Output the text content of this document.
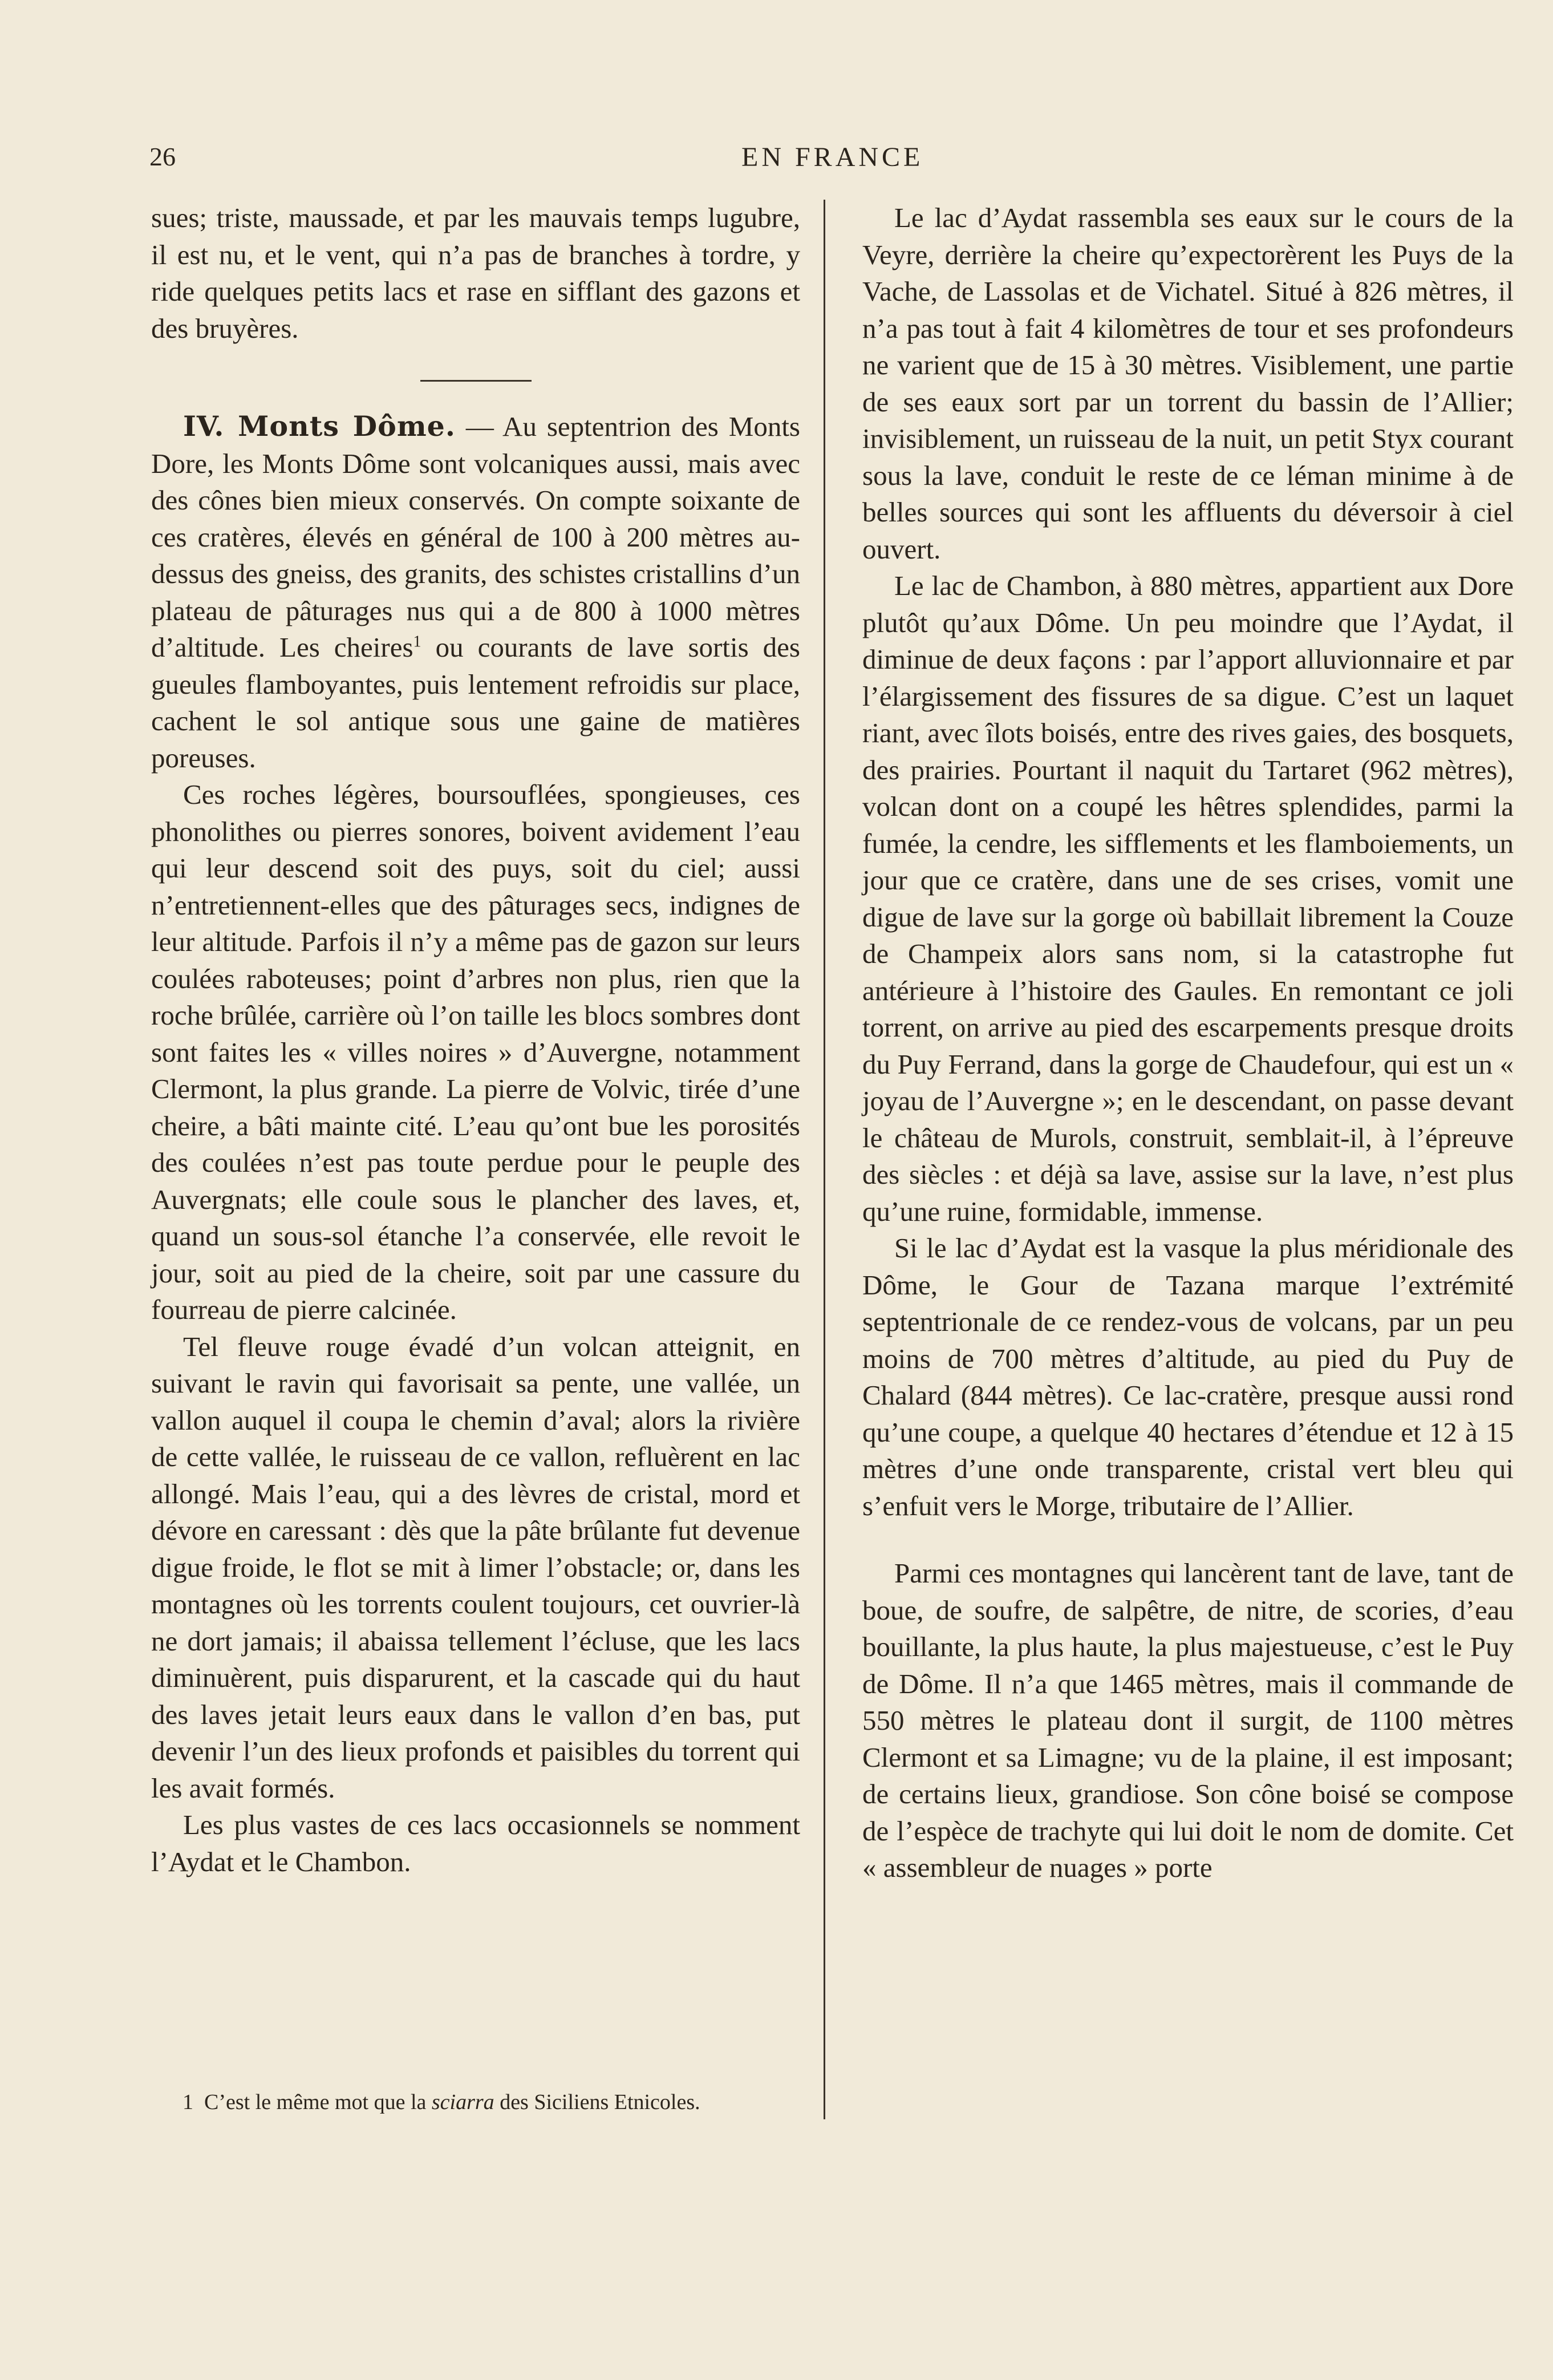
26	EN FRANCE

sues; triste, maussade, et par les mauvais temps lugubre, il est nu, et le vent, qui n’a pas de branches à tordre, y ride quelques petits lacs et rase en sifflant des gazons et des bruyères.

IV. Monts Dôme. — Au septentrion des Monts Dore, les Monts Dôme sont volcaniques aussi, mais avec des cônes bien mieux conservés. On compte soixante de ces cratères, élevés en général de 100 à 200 mètres au-dessus des gneiss, des granits, des schistes cristallins d’un plateau de pâturages nus qui a de 800 à 1000 mètres d’altitude. Les cheires$^1$ ou courants de lave sortis des gueules flamboyantes, puis lentement refroidis sur place, cachent le sol antique sous une gaine de matières poreuses.

Ces roches légères, boursouflées, spongieuses, ces phonolithes ou pierres sonores, boivent avidement l’eau qui leur descend soit des puys, soit du ciel; aussi n’entretiennent-elles que des pâturages secs, indignes de leur altitude. Parfois il n’y a même pas de gazon sur leurs coulées raboteuses; point d’arbres non plus, rien que la roche brûlée, carrière où l’on taille les blocs sombres dont sont faites les « villes noires » d’Auvergne, notamment Clermont, la plus grande. La pierre de Volvic, tirée d’une cheire, a bâti mainte cité. L’eau qu’ont bue les porosités des coulées n’est pas toute perdue pour le peuple des Auvergnats; elle coule sous le plancher des laves, et, quand un sous-sol étanche l’a conservée, elle revoit le jour, soit au pied de la cheire, soit par une cassure du fourreau de pierre calcinée.

Tel fleuve rouge évadé d’un volcan atteignit, en suivant le ravin qui favorisait sa pente, une vallée, un vallon auquel il coupa le chemin d’aval; alors la rivière de cette vallée, le ruisseau de ce vallon, refluèrent en lac allongé. Mais l’eau, qui a des lèvres de cristal, mord et dévore en caressant : dès que la pâte brûlante fut devenue digue froide, le flot se mit à limer l’obstacle; or, dans les montagnes où les torrents coulent toujours, cet ouvrier-là ne dort jamais; il abaissa tellement l’écluse, que les lacs diminuèrent, puis disparurent, et la cascade qui du haut des laves jetait leurs eaux dans le vallon d’en bas, put devenir l’un des lieux profonds et paisibles du torrent qui les avait formés.

Les plus vastes de ces lacs occasionnels se nomment l’Aydat et le Chambon.

1 C’est le même mot que la sciarra des Siciliens Etnicoles.

Le lac d’Aydat rassembla ses eaux sur le cours de la Veyre, derrière la cheire qu’expectorèrent les Puys de la Vache, de Lassolas et de Vichatel. Situé à 826 mètres, il n’a pas tout à fait 4 kilomètres de tour et ses profondeurs ne varient que de 15 à 30 mètres. Visiblement, une partie de ses eaux sort par un torrent du bassin de l’Allier; invisiblement, un ruisseau de la nuit, un petit Styx courant sous la lave, conduit le reste de ce léman minime à de belles sources qui sont les affluents du déversoir à ciel ouvert.

Le lac de Chambon, à 880 mètres, appartient aux Dore plutôt qu’aux Dôme. Un peu moindre que l’Aydat, il diminue de deux façons : par l’apport alluvionnaire et par l’élargissement des fissures de sa digue. C’est un laquet riant, avec îlots boisés, entre des rives gaies, des bosquets, des prairies. Pourtant il naquit du Tartaret (962 mètres), volcan dont on a coupé les hêtres splendides, parmi la fumée, la cendre, les sifflements et les flamboiements, un jour que ce cratère, dans une de ses crises, vomit une digue de lave sur la gorge où babillait librement la Couze de Champeix alors sans nom, si la catastrophe fut antérieure à l’histoire des Gaules. En remontant ce joli torrent, on arrive au pied des escarpements presque droits du Puy Ferrand, dans la gorge de Chaudefour, qui est un « joyau de l’Auvergne »; en le descendant, on passe devant le château de Murols, construit, semblait-il, à l’épreuve des siècles : et déjà sa lave, assise sur la lave, n’est plus qu’une ruine, formidable, immense.

Si le lac d’Aydat est la vasque la plus méridionale des Dôme, le Gour de Tazana marque l’extrémité septentrionale de ce rendez-vous de volcans, par un peu moins de 700 mètres d’altitude, au pied du Puy de Chalard (844 mètres). Ce lac-cratère, presque aussi rond qu’une coupe, a quelque 40 hectares d’étendue et 12 à 15 mètres d’une onde transparente, cristal vert bleu qui s’enfuit vers le Morge, tributaire de l’Allier.

Parmi ces montagnes qui lancèrent tant de lave, tant de boue, de soufre, de salpêtre, de nitre, de scories, d’eau bouillante, la plus haute, la plus majestueuse, c’est le Puy de Dôme. Il n’a que 1465 mètres, mais il commande de 550 mètres le plateau dont il surgit, de 1100 mètres Clermont et sa Limagne; vu de la plaine, il est imposant; de certains lieux, grandiose. Son cône boisé se compose de l’espèce de trachyte qui lui doit le nom de domite. Cet « assembleur de nuages » porte
